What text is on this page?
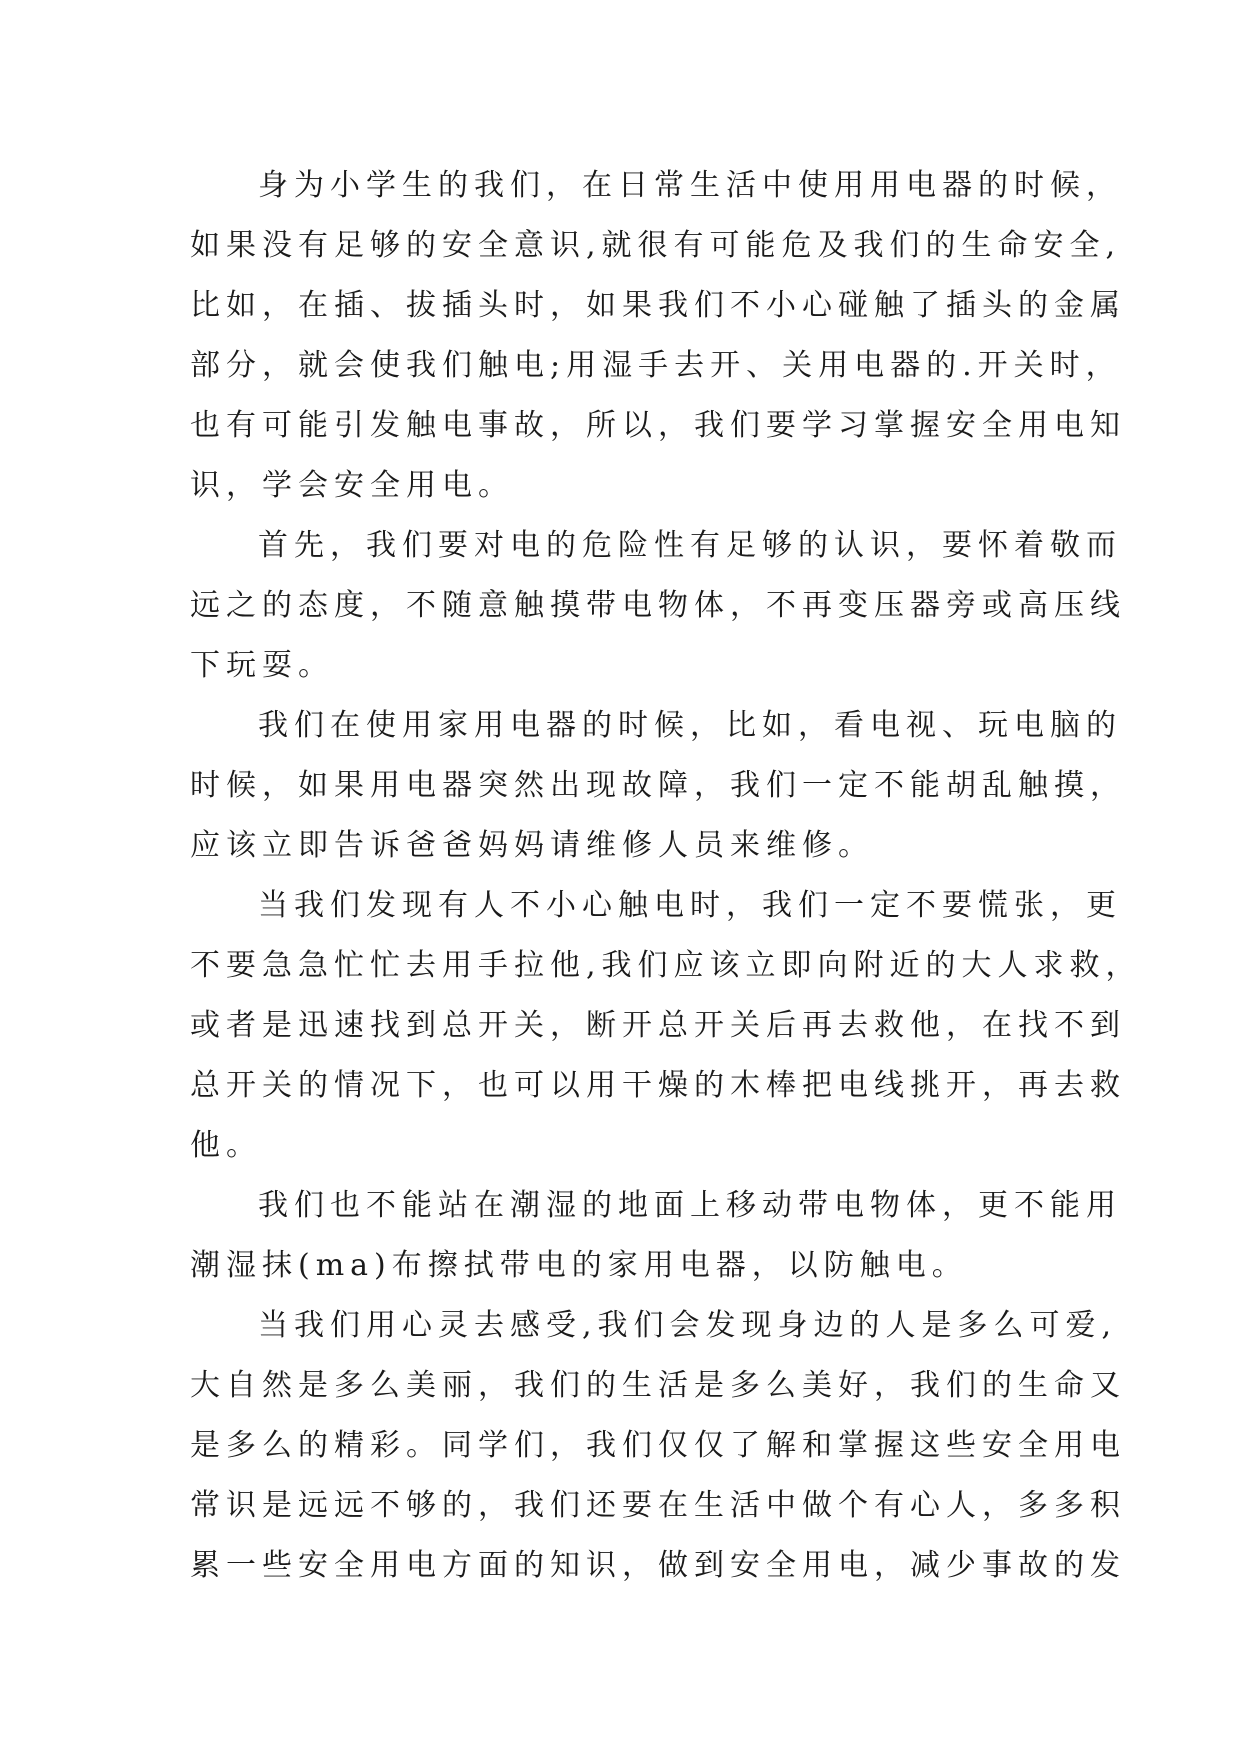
身为小学生的我们，在日常生活中使用用电器的时候，
如果没有足够的安全意识,就很有可能危及我们的生命安全,
比如，在插、拔插头时，如果我们不小心碰触了插头的金属
部分，就会使我们触电;用湿手去开、关用电器的.开关时，
也有可能引发触电事故，所以，我们要学习掌握安全用电知
识，学会安全用电。
首先，我们要对电的危险性有足够的认识，要怀着敬而
远之的态度，不随意触摸带电物体，不再变压器旁或高压线
下玩耍。
我们在使用家用电器的时候，比如，看电视、玩电脑的
时候，如果用电器突然出现故障，我们一定不能胡乱触摸，
应该立即告诉爸爸妈妈请维修人员来维修。
当我们发现有人不小心触电时，我们一定不要慌张，更
不要急急忙忙去用手拉他,我们应该立即向附近的大人求救，
或者是迅速找到总开关，断开总开关后再去救他，在找不到
总开关的情况下，也可以用干燥的木棒把电线挑开，再去救
他。
我们也不能站在潮湿的地面上移动带电物体，更不能用
潮湿抹(ma)布擦拭带电的家用电器，以防触电。
当我们用心灵去感受,我们会发现身边的人是多么可爱,
大自然是多么美丽，我们的生活是多么美好，我们的生命又
是多么的精彩。同学们，我们仅仅了解和掌握这些安全用电
常识是远远不够的，我们还要在生活中做个有心人，多多积
累一些安全用电方面的知识，做到安全用电，减少事故的发
